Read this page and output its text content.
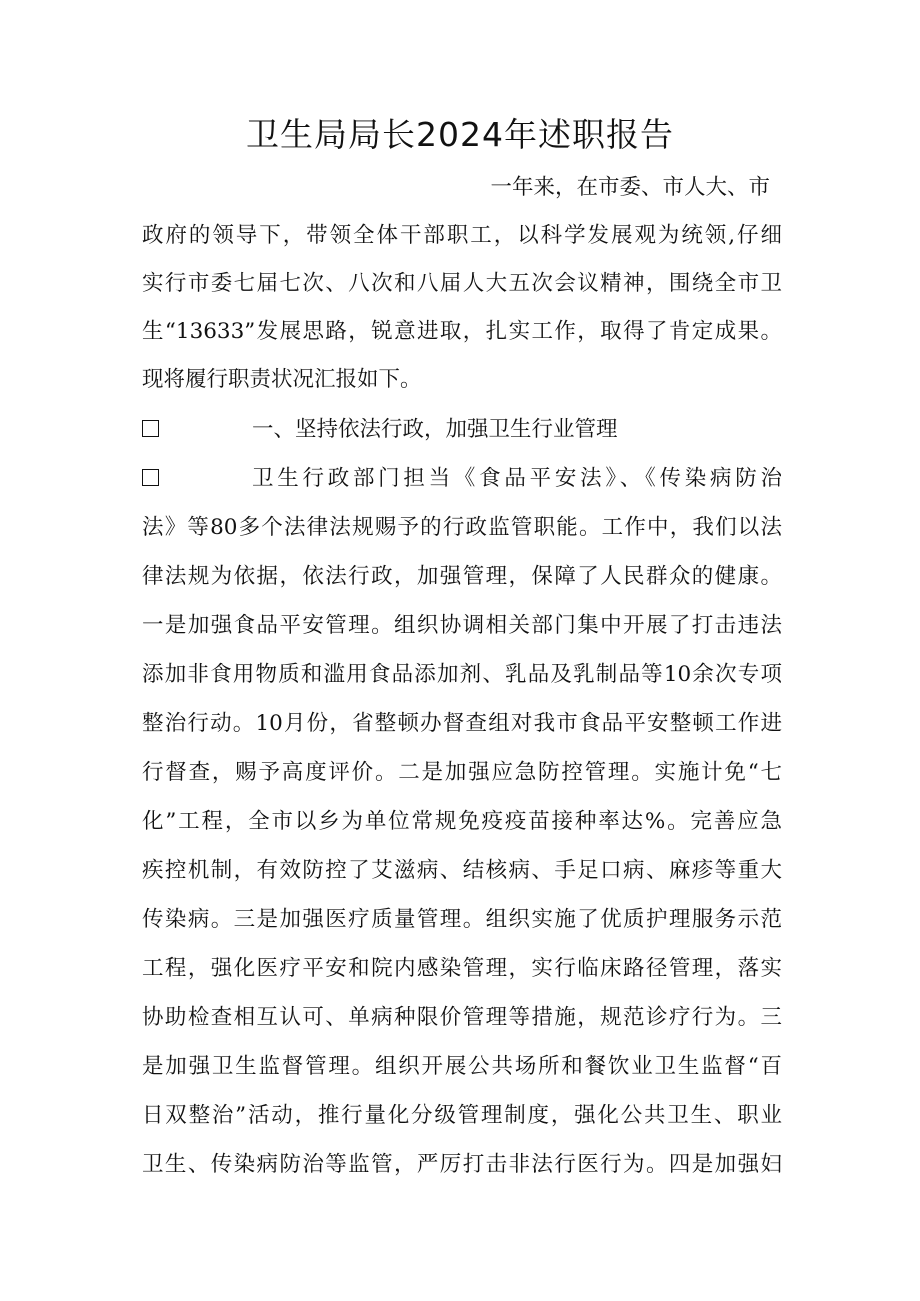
卫生局局长2024年述职报告
一年来，在市委、市人大、市
政府的领导下，带领全体干部职工，以科学发展观为统领,仔细
实行市委七届七次、八次和八届人大五次会议精神，围绕全市卫
生“13633”发展思路，锐意进取，扎实工作，取得了肯定成果。
现将履行职责状况汇报如下。
一、坚持依法行政，加强卫生行业管理
卫生行政部门担当《食品平安法》、《传染病防治
法》等80多个法律法规赐予的行政监管职能。工作中，我们以法
律法规为依据，依法行政，加强管理，保障了人民群众的健康。
一是加强食品平安管理。组织协调相关部门集中开展了打击违法
添加非食用物质和滥用食品添加剂、乳品及乳制品等10余次专项
整治行动。10月份，省整顿办督查组对我市食品平安整顿工作进
行督查，赐予高度评价。二是加强应急防控管理。实施计免“七
化”工程，全市以乡为单位常规免疫疫苗接种率达%。完善应急
疾控机制，有效防控了艾滋病、结核病、手足口病、麻疹等重大
传染病。三是加强医疗质量管理。组织实施了优质护理服务示范
工程，强化医疗平安和院内感染管理，实行临床路径管理，落实
协助检查相互认可、单病种限价管理等措施，规范诊疗行为。三
是加强卫生监督管理。组织开展公共场所和餐饮业卫生监督“百
日双整治”活动，推行量化分级管理制度，强化公共卫生、职业
卫生、传染病防治等监管，严厉打击非法行医行为。四是加强妇
